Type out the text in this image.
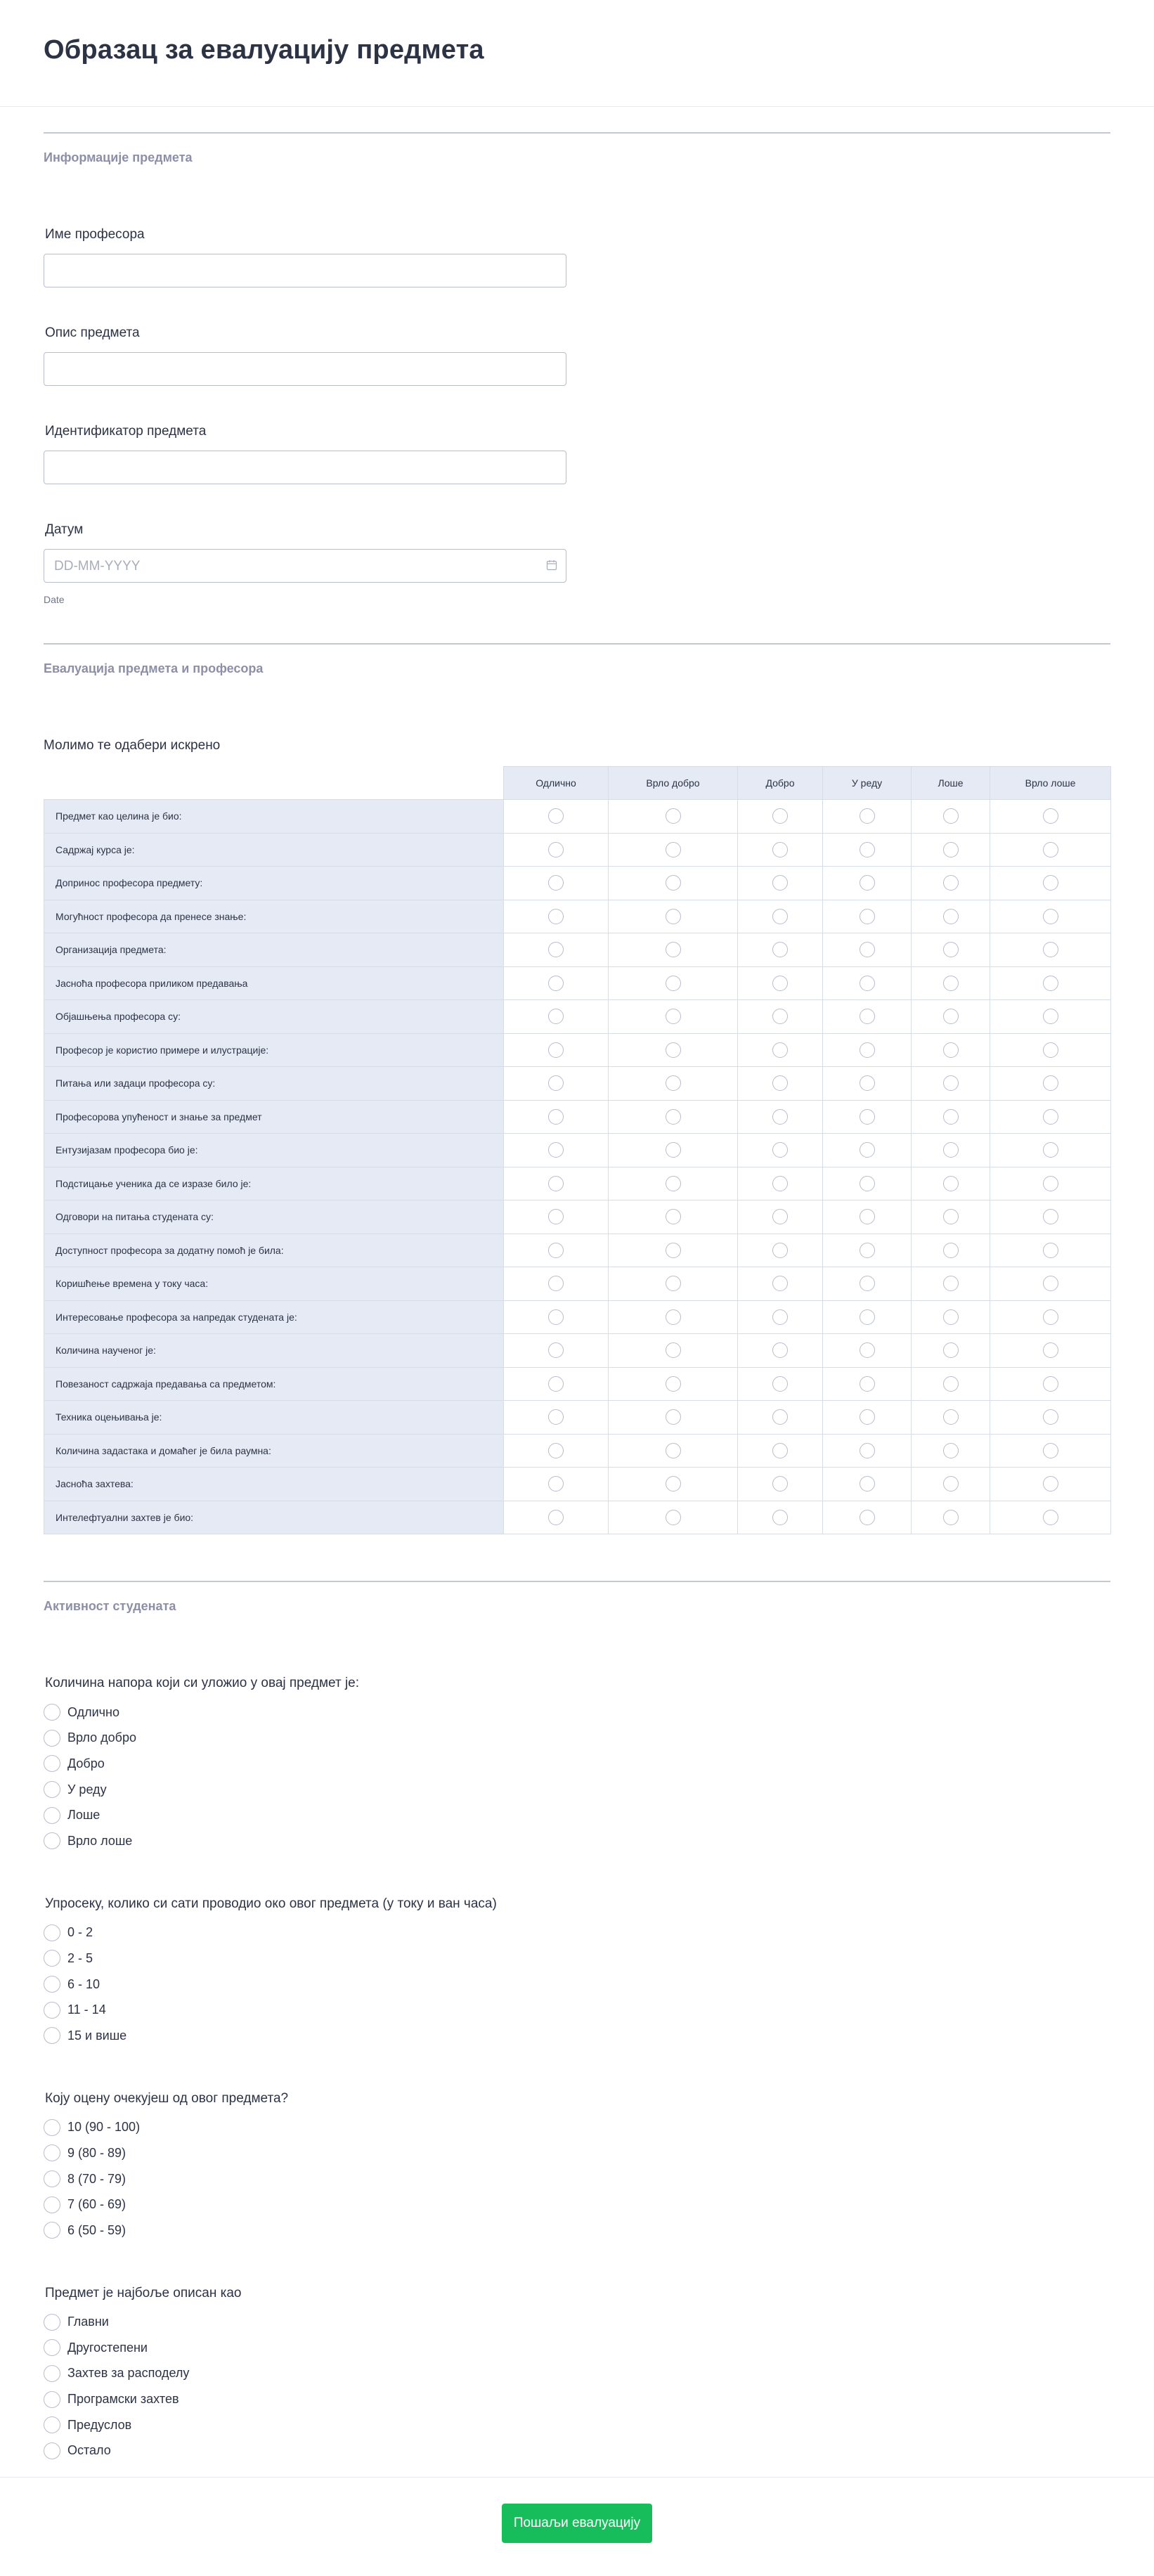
Образац за евалуацију предмета
Информације предмета
Име професора
Опис предмета
Идентификатор предмета
Датум
DD-MM-YYYY
Date
Евалуација предмета и професора
Молимо те одабери искрено
	Одлично	Врло добро	Добро	У реду	Лоше	Врло лоше
Предмет као целина је био:						
Садржај курса је:						
Допринос професора предмету:						
Могућност професора да пренесе знање:						
Организација предмета:						
Јасноћа професора приликом предавања						
Објашњења професора су:						
Професор је користио примере и илустрације:						
Питања или задаци професора су:						
Професорова упућеност и знање за предмет						
Ентузијазам професора био је:						
Подстицање ученика да се изразе било је:						
Одговори на питања студената су:						
Доступност професора за додатну помоћ је била:						
Коришћење времена у току часа:						
Интересовање професора за напредак студената је:						
Количина наученог је:						
Повезаност садржаја предавања са предметом:						
Техника оцењивања је:						
Количина задастака и домаћег је била раумна:						
Јасноћа захтева:						
Интелефтуални захтев је био:						
Активност студената
Количина напора који си уложио у овај предмет је:
Одлично
Врло добро
Добро
У реду
Лоше
Врло лоше
Упросеку, колико си сати проводио око овог предмета (у току и ван часа)
0 - 2
2 - 5
6 - 10
11 - 14
15 и више
Коју оцену очекујеш од овог предмета?
10 (90 - 100)
9 (80 - 89)
8 (70 - 79)
7 (60 - 69)
6 (50 - 59)
Предмет је најбоље описан као
Главни
Другостепени
Захтев за расподелу
Програмски захтев
Предуслов
Остало
Пошаљи евалуацију
